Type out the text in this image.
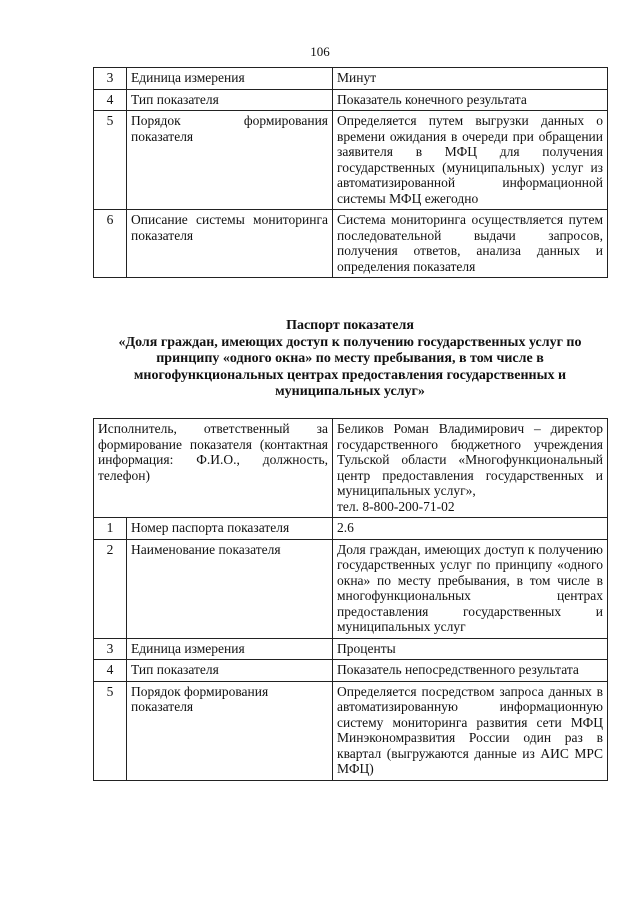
106
3	Единица измерения	Минут
4	Тип показателя	Показатель конечного результата
5	Порядок формирования показателя	Определяется путем выгрузки данных о времени ожидания в очереди при обращении заявителя в МФЦ для получения государственных (муниципальных) услуг из автоматизированной информационной системы МФЦ ежегодно
6	Описание системы мониторинга показателя	Система мониторинга осуществляется путем последовательной выдачи запросов, получения ответов, анализа данных и определения показателя
Паспорт показателя
«Доля граждан, имеющих доступ к получению государственных услуг по принципу «одного окна» по месту пребывания, в том числе в многофункциональных центрах предоставления государственных и муниципальных услуг»
Исполнитель, ответственный за формирование показателя (контактная информация: Ф.И.О., должность, телефон)		Беликов Роман Владимирович – директор государственного бюджетного учреждения Тульской области «Многофункциональный центр предоставления государственных и муниципальных услуг»,
тел. 8-800-200-71-02
1	Номер паспорта показателя	2.6
2	Наименование показателя	Доля граждан, имеющих доступ к получению государственных услуг по принципу «одного окна» по месту пребывания, в том числе в многофункциональных центрах предоставления государственных и муниципальных услуг
3	Единица измерения	Проценты
4	Тип показателя	Показатель непосредственного результата
5	Порядок формирования показателя	Определяется посредством запроса данных в автоматизированную информационную систему мониторинга развития сети МФЦ Минэкономразвития России один раз в квартал (выгружаются данные из АИС МРС МФЦ)
